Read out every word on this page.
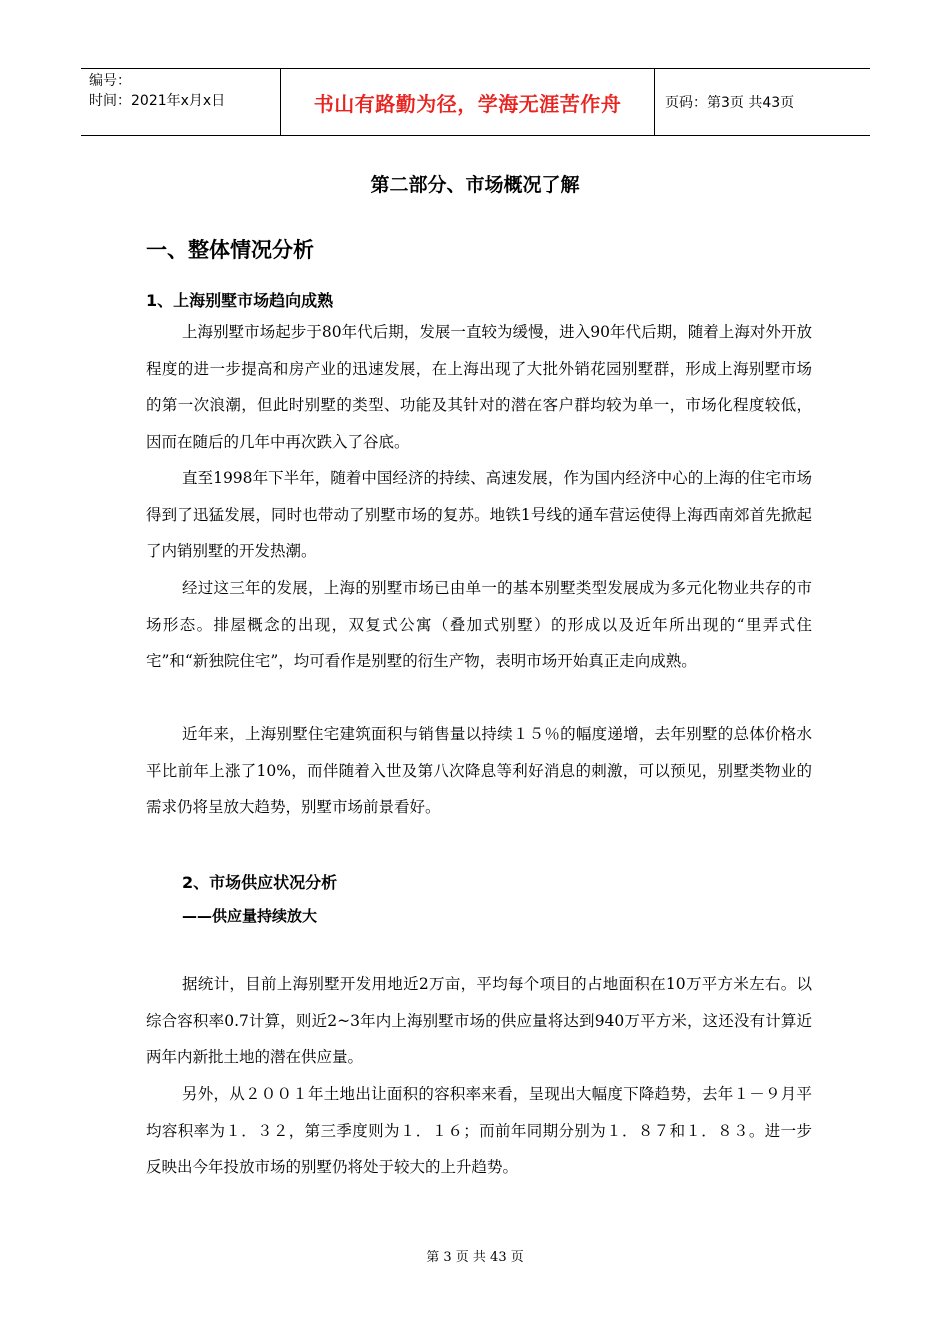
编号：
时间：2021年x月x日	书山有路勤为径，学海无涯苦作舟	页码：第3页 共43页
第二部分、市场概况了解
一、整体情况分析
1、上海别墅市场趋向成熟

上海别墅市场起步于80年代后期，发展一直较为缓慢，进入90年代后期，随着上海对外开放程度的进一步提高和房产业的迅速发展，在上海出现了大批外销花园别墅群，形成上海别墅市场的第一次浪潮，但此时别墅的类型、功能及其针对的潜在客户群均较为单一，市场化程度较低，因而在随后的几年中再次跌入了谷底。

直至1998年下半年，随着中国经济的持续、高速发展，作为国内经济中心的上海的住宅市场得到了迅猛发展，同时也带动了别墅市场的复苏。地铁1号线的通车营运使得上海西南郊首先掀起了内销别墅的开发热潮。

经过这三年的发展，上海的别墅市场已由单一的基本别墅类型发展成为多元化物业共存的市场形态。排屋概念的出现，双复式公寓（叠加式别墅）的形成以及近年所出现的“里弄式住宅”和“新独院住宅”，均可看作是别墅的衍生产物，表明市场开始真正走向成熟。

近年来，上海别墅住宅建筑面积与销售量以持续１５％的幅度递增，去年别墅的总体价格水平比前年上涨了10%，而伴随着入世及第八次降息等利好消息的刺激，可以预见，别墅类物业的需求仍将呈放大趋势，别墅市场前景看好。

2、市场供应状况分析
——供应量持续放大

据统计，目前上海别墅开发用地近2万亩，平均每个项目的占地面积在10万平方米左右。以综合容积率0.7计算，则近2~3年内上海别墅市场的供应量将达到940万平方米，这还没有计算近两年内新批土地的潜在供应量。

另外，从２００１年土地出让面积的容积率来看，呈现出大幅度下降趋势，去年１－９月平均容积率为１．３２，第三季度则为１．１６；而前年同期分别为１．８７和１．８３。进一步反映出今年投放市场的别墅仍将处于较大的上升趋势。

第 3 页 共 43 页
